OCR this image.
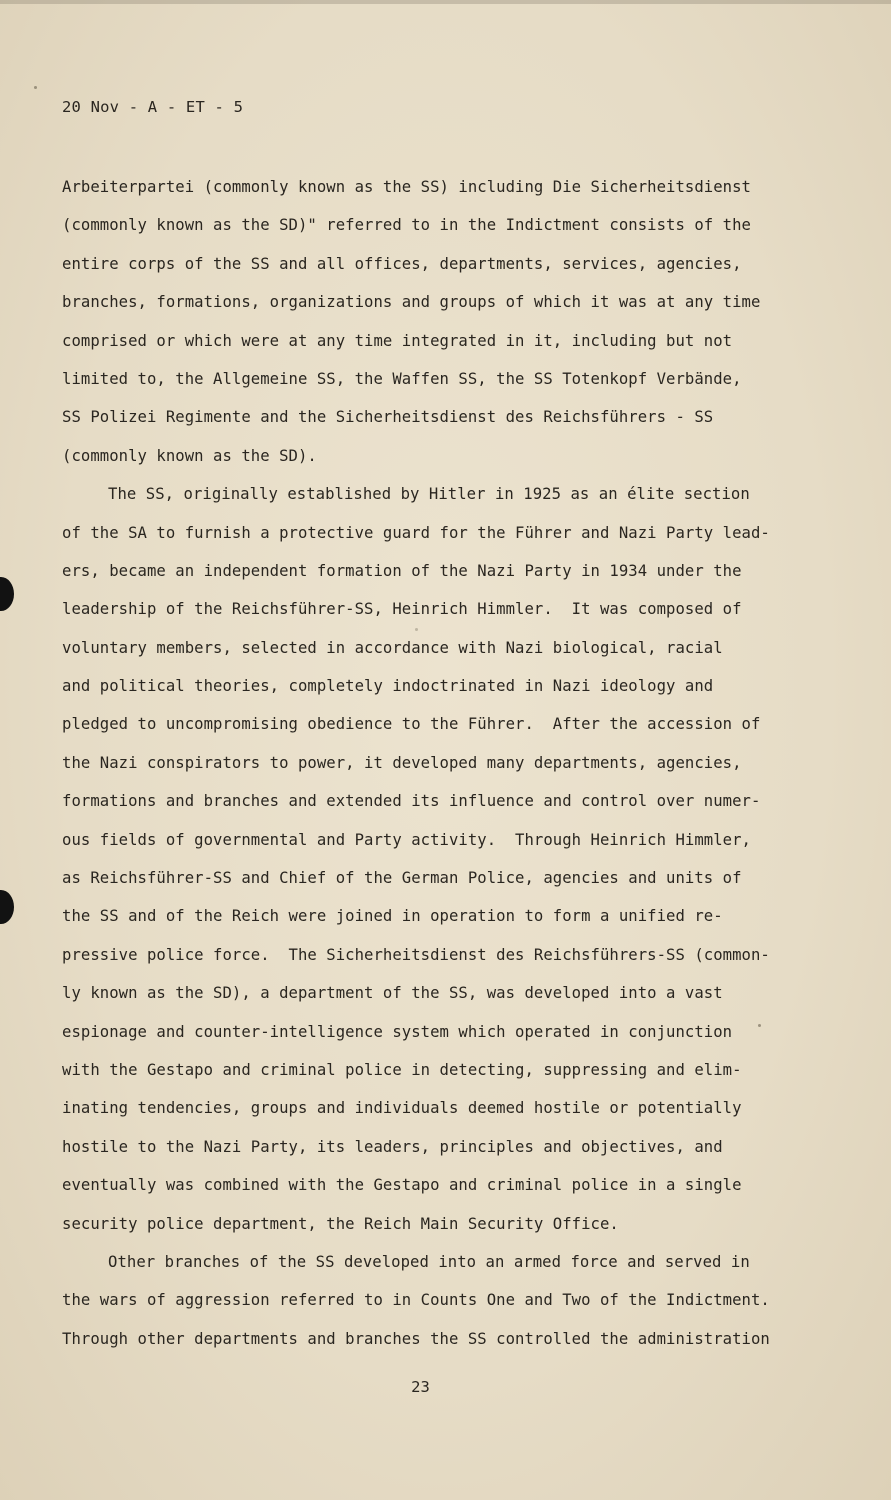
20 Nov - A - ET - 5
Arbeiterpartei (commonly known as the SS) including Die Sicherheitsdienst
(commonly known as the SD)" referred to in the Indictment consists of the
entire corps of the SS and all offices, departments, services, agencies,
branches, formations, organizations and groups of which it was at any time
comprised or which were at any time integrated in it, including but not
limited to, the Allgemeine SS, the Waffen SS, the SS Totenkopf Verbände,
SS Polizei Regimente and the Sicherheitsdienst des Reichsführers - SS
(commonly known as the SD).
The SS, originally established by Hitler in 1925 as an élite section
of the SA to furnish a protective guard for the Führer and Nazi Party lead-
ers, became an independent formation of the Nazi Party in 1934 under the
leadership of the Reichsführer-SS, Heinrich Himmler.  It was composed of
voluntary members, selected in accordance with Nazi biological, racial
and political theories, completely indoctrinated in Nazi ideology and
pledged to uncompromising obedience to the Führer.  After the accession of
the Nazi conspirators to power, it developed many departments, agencies,
formations and branches and extended its influence and control over numer-
ous fields of governmental and Party activity.  Through Heinrich Himmler,
as Reichsführer-SS and Chief of the German Police, agencies and units of
the SS and of the Reich were joined in operation to form a unified re-
pressive police force.  The Sicherheitsdienst des Reichsführers-SS (common-
ly known as the SD), a department of the SS, was developed into a vast
espionage and counter-intelligence system which operated in conjunction
with the Gestapo and criminal police in detecting, suppressing and elim-
inating tendencies, groups and individuals deemed hostile or potentially
hostile to the Nazi Party, its leaders, principles and objectives, and
eventually was combined with the Gestapo and criminal police in a single
security police department, the Reich Main Security Office.
Other branches of the SS developed into an armed force and served in
the wars of aggression referred to in Counts One and Two of the Indictment.
Through other departments and branches the SS controlled the administration
23
